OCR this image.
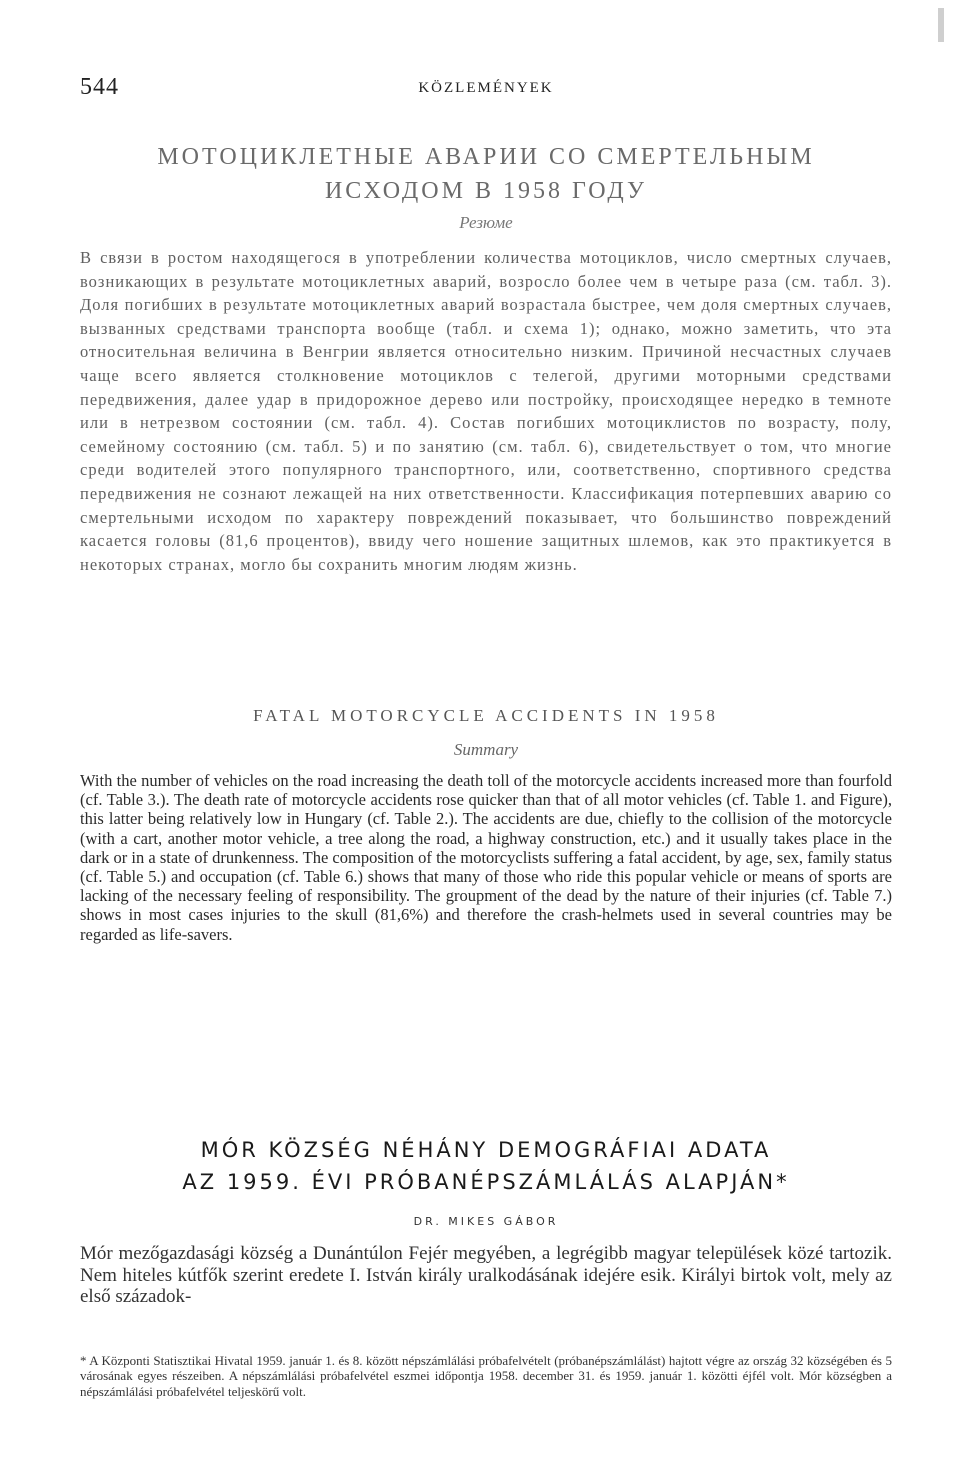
544	KÖZLEMÉNYEK
МОТОЦИКЛЕТНЫЕ АВАРИИ СО СМЕРТЕЛЬНЫМ
ИСХОДОМ В 1958 ГОДУ
Резюме

В связи в ростом находящегося в употреблении количества мотоциклов, число смертных случаев, возникающих в результате мотоциклетных аварий, возросло более чем в четыре раза (см. табл. 3). Доля погибших в результате мотоциклетных аварий возрастала быстрее, чем доля смертных случаев, вызванных средствами транспорта вообще (табл. и схема 1); однако, можно заметить, что эта относительная величина в Венгрии является относительно низким. Причиной несчастных случаев чаще всего является столкновение мотоциклов с телегой, другими моторными средствами передвижения, далее удар в придорожное дерево или постройку, происходящее нередко в темноте или в нетрезвом состоянии (см. табл. 4). Состав погибших мотоциклистов по возрасту, полу, семейному состоянию (см. табл. 5) и по занятию (см. табл. 6), свидетельствует о том, что многие среди водителей этого популярного транспортного, или, соответственно, спортивного средства передвижения не сознают лежащей на них ответственности. Классификация потерпевших аварию со смертельными исходом по характеру повреждений показывает, что большинство повреждений касается головы (81,6 процентов), ввиду чего ношение защитных шлемов, как это практикуется в некоторых странах, могло бы сохранить многим людям жизнь.

FATAL MOTORCYCLE ACCIDENTS IN 1958
Summary

With the number of vehicles on the road increasing the death toll of the motorcycle accidents increased more than fourfold (cf. Table 3.). The death rate of motorcycle accidents rose quicker than that of all motor vehicles (cf. Table 1. and Figure), this latter being relatively low in Hungary (cf. Table 2.). The accidents are due, chiefly to the collision of the motorcycle (with a cart, another motor vehicle, a tree along the road, a highway construction, etc.) and it usually takes place in the dark or in a state of drunkenness. The composition of the motorcyclists suffering a fatal accident, by age, sex, family status (cf. Table 5.) and occupation (cf. Table 6.) shows that many of those who ride this popular vehicle or means of sports are lacking of the necessary feeling of responsibility. The groupment of the dead by the nature of their injuries (cf. Table 7.) shows in most cases injuries to the skull (81,6%) and therefore the crash-helmets used in several countries may be regarded as life-savers.

MÓR KÖZSÉG NÉHÁNY DEMOGRÁFIAI ADATA
AZ 1959. ÉVI PRÓBANÉPSZÁMLÁLÁS ALAPJÁN*
DR. MIKES GÁBOR

Mór mezőgazdasági község a Dunántúlon Fejér megyében, a legrégibb magyar települések közé tartozik. Nem hiteles kútfők szerint eredete I. István király uralkodásának idejére esik. Királyi birtok volt, mely az első századok-

* A Központi Statisztikai Hivatal 1959. január 1. és 8. között népszámlálási próbafelvételt (próbanépszámlálást) hajtott végre az ország 32 községében és 5 városának egyes részeiben. A népszámlálási próbafelvétel eszmei időpontja 1958. december 31. és 1959. január 1. közötti éjfél volt. Mór községben a népszámlálási próbafelvétel teljeskörű volt.
